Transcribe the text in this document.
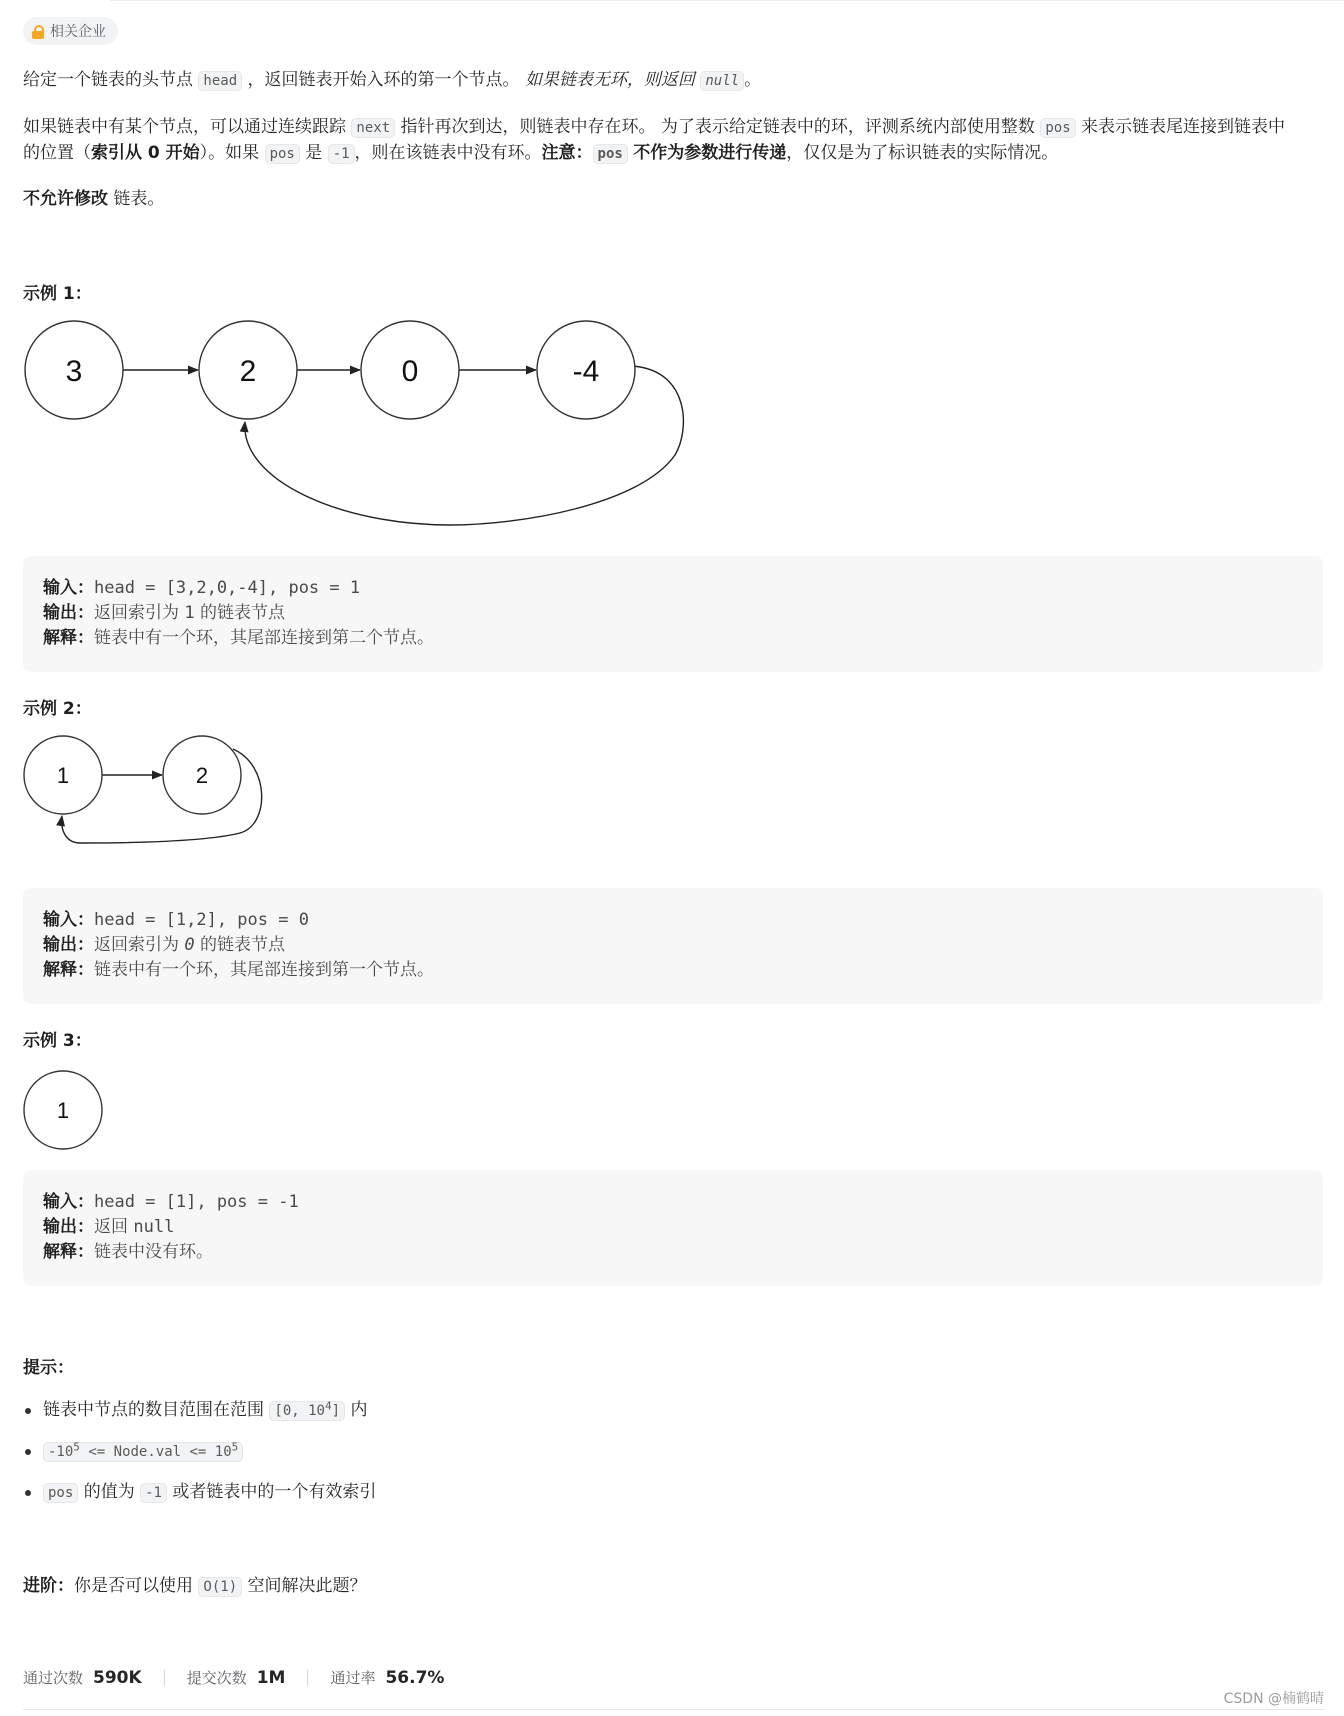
相关企业

给定一个链表的头节点 head ，返回链表开始入环的第一个节点。 如果链表无环，则返回 null 。

如果链表中有某个节点，可以通过连续跟踪 next 指针再次到达，则链表中存在环。 为了表示给定链表中的环，评测系统内部使用整数 pos 来表示链表尾连接到链表中

的位置（索引从 0 开始）。如果 pos 是 -1 ，则在该链表中没有环。注意： pos 不作为参数进行传递，仅仅是为了标识链表的实际情况。

不允许修改 链表。

示例 1：
3	2	0	-4
输入：head = [3,2,0,-4], pos = 1
输出：返回索引为 1 的链表节点
解释：链表中有一个环，其尾部连接到第二个节点。
示例 2：
1	2
输入：head = [1,2], pos = 0
输出：返回索引为 0 的链表节点
解释：链表中有一个环，其尾部连接到第一个节点。
示例 3：
1
输入：head = [1], pos = -1
输出：返回 null
解释：链表中没有环。
提示：
链表中节点的数目范围在范围 [0, $10^4$] 内
$-10^5$ <= Node.val <= $10^5$
pos 的值为 -1 或者链表中的一个有效索引

进阶：你是否可以使用 O(1) 空间解决此题？

通过次数 590K	提交次数 1M	通过率 56.7%
CSDN @楠鹤晴
